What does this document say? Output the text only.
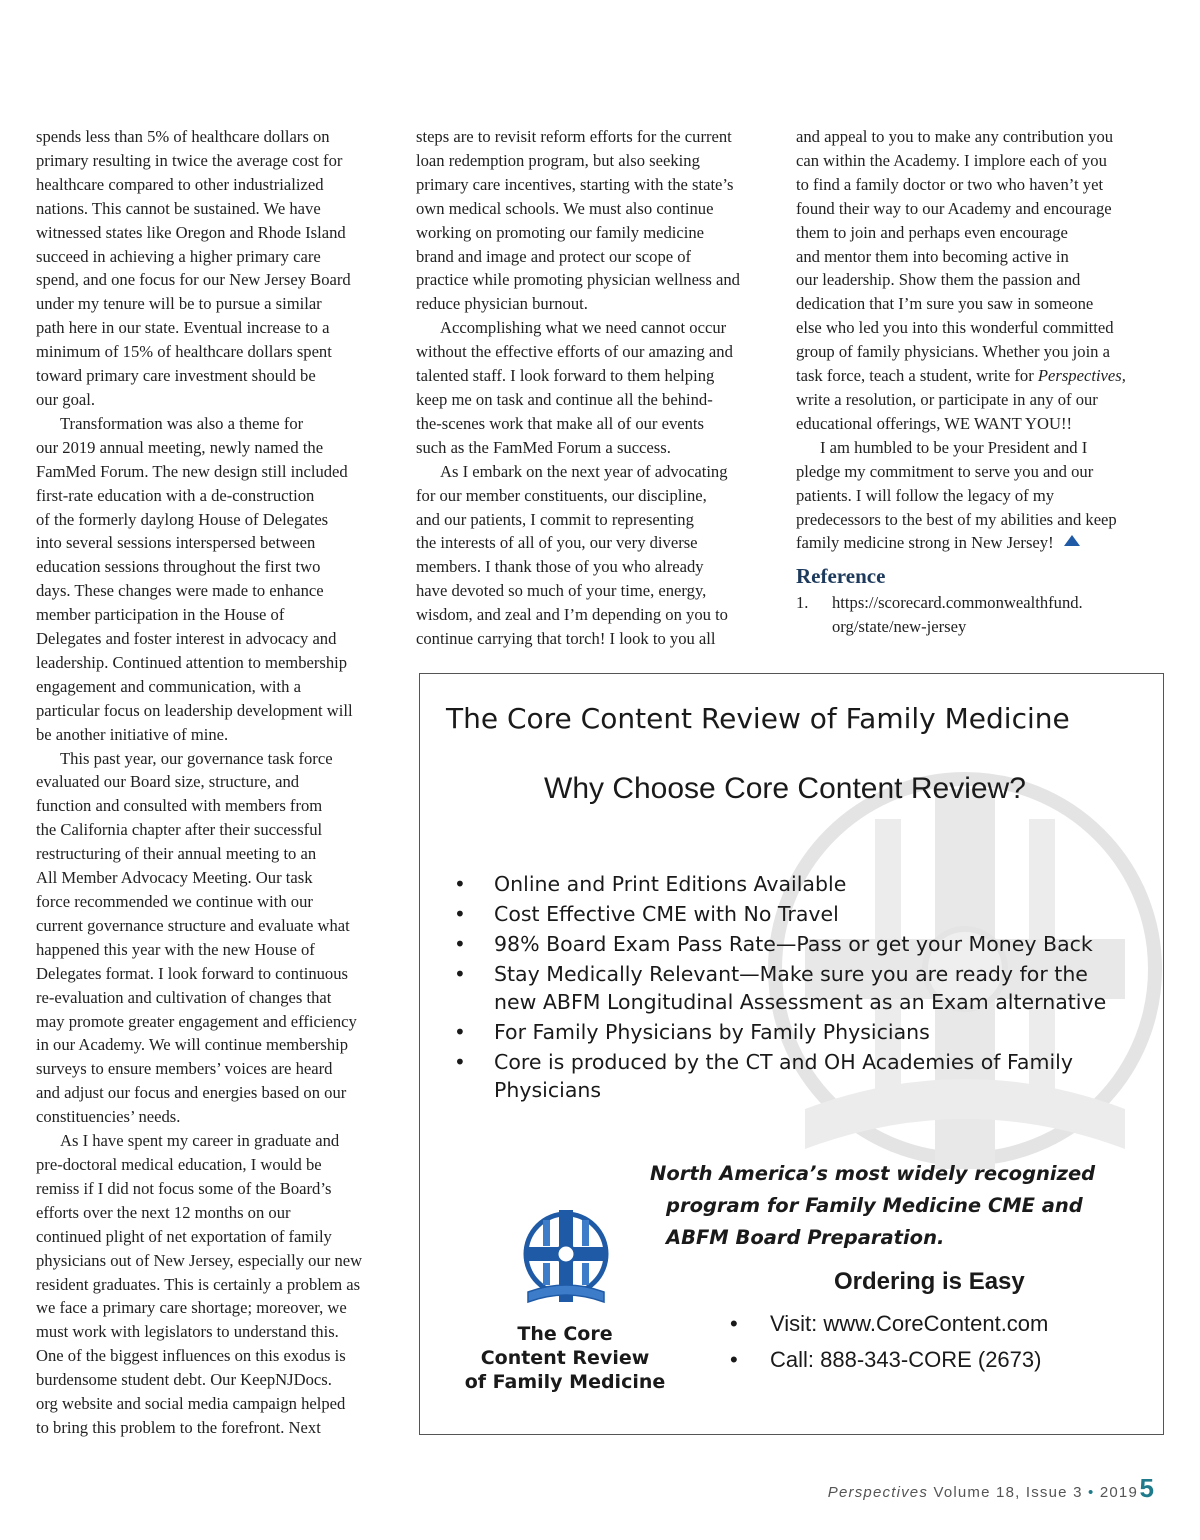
spends less than 5% of healthcare dollars on
primary resulting in twice the average cost for
healthcare compared to other industrialized
nations. This cannot be sustained. We have
witnessed states like Oregon and Rhode Island
succeed in achieving a higher primary care
spend, and one focus for our New Jersey Board
under my tenure will be to pursue a similar
path here in our state. Eventual increase to a
minimum of 15% of healthcare dollars spent
toward primary care investment should be
our goal.
Transformation was also a theme for
our 2019 annual meeting, newly named the
FamMed Forum. The new design still included
first-rate education with a de-construction
of the formerly daylong House of Delegates
into several sessions interspersed between
education sessions throughout the first two
days. These changes were made to enhance
member participation in the House of
Delegates and foster interest in advocacy and
leadership. Continued attention to membership
engagement and communication, with a
particular focus on leadership development will
be another initiative of mine.
This past year, our governance task force
evaluated our Board size, structure, and
function and consulted with members from
the California chapter after their successful
restructuring of their annual meeting to an
All Member Advocacy Meeting. Our task
force recommended we continue with our
current governance structure and evaluate what
happened this year with the new House of
Delegates format. I look forward to continuous
re-evaluation and cultivation of changes that
may promote greater engagement and efficiency
in our Academy. We will continue membership
surveys to ensure members’ voices are heard
and adjust our focus and energies based on our
constituencies’ needs.
As I have spent my career in graduate and
pre-doctoral medical education, I would be
remiss if I did not focus some of the Board’s
efforts over the next 12 months on our
continued plight of net exportation of family
physicians out of New Jersey, especially our new
resident graduates. This is certainly a problem as
we face a primary care shortage; moreover, we
must work with legislators to understand this.
One of the biggest influences on this exodus is
burdensome student debt. Our KeepNJDocs.
org website and social media campaign helped
to bring this problem to the forefront. Next
steps are to revisit reform efforts for the current
loan redemption program, but also seeking
primary care incentives, starting with the state’s
own medical schools. We must also continue
working on promoting our family medicine
brand and image and protect our scope of
practice while promoting physician wellness and
reduce physician burnout.
Accomplishing what we need cannot occur
without the effective efforts of our amazing and
talented staff. I look forward to them helping
keep me on task and continue all the behind-
the-scenes work that make all of our events
such as the FamMed Forum a success.
As I embark on the next year of advocating
for our member constituents, our discipline,
and our patients, I commit to representing
the interests of all of you, our very diverse
members. I thank those of you who already
have devoted so much of your time, energy,
wisdom, and zeal and I’m depending on you to
continue carrying that torch! I look to you all
and appeal to you to make any contribution you
can within the Academy. I implore each of you
to find a family doctor or two who haven’t yet
found their way to our Academy and encourage
them to join and perhaps even encourage
and mentor them into becoming active in
our leadership. Show them the passion and
dedication that I’m sure you saw in someone
else who led you into this wonderful committed
group of family physicians. Whether you join a
task force, teach a student, write for Perspectives,
write a resolution, or participate in any of our
educational offerings, WE WANT YOU!!
I am humbled to be your President and I
pledge my commitment to serve you and our
patients. I will follow the legacy of my
predecessors to the best of my abilities and keep
family medicine strong in New Jersey!
Reference
1.	https://scorecard.commonwealthfund.
org/state/new-jersey
The Core Content Review of Family Medicine
Why Choose Core Content Review?
• Online and Print Editions Available
• Cost Effective CME with No Travel
• 98% Board Exam Pass Rate—Pass or get your Money Back
• Stay Medically Relevant—Make sure you are ready for the
new ABFM Longitudinal Assessment as an Exam alternative
• For Family Physicians by Family Physicians
• Core is produced by the CT and OH Academies of Family
Physicians
North America’s most widely recognized
program for Family Medicine CME and
ABFM Board Preparation.
The Core
Content Review
of Family Medicine
Ordering is Easy
• Visit: www.CoreContent.com
• Call: 888-343-CORE (2673)
Perspectives Volume 18, Issue 3 • 2019 5
